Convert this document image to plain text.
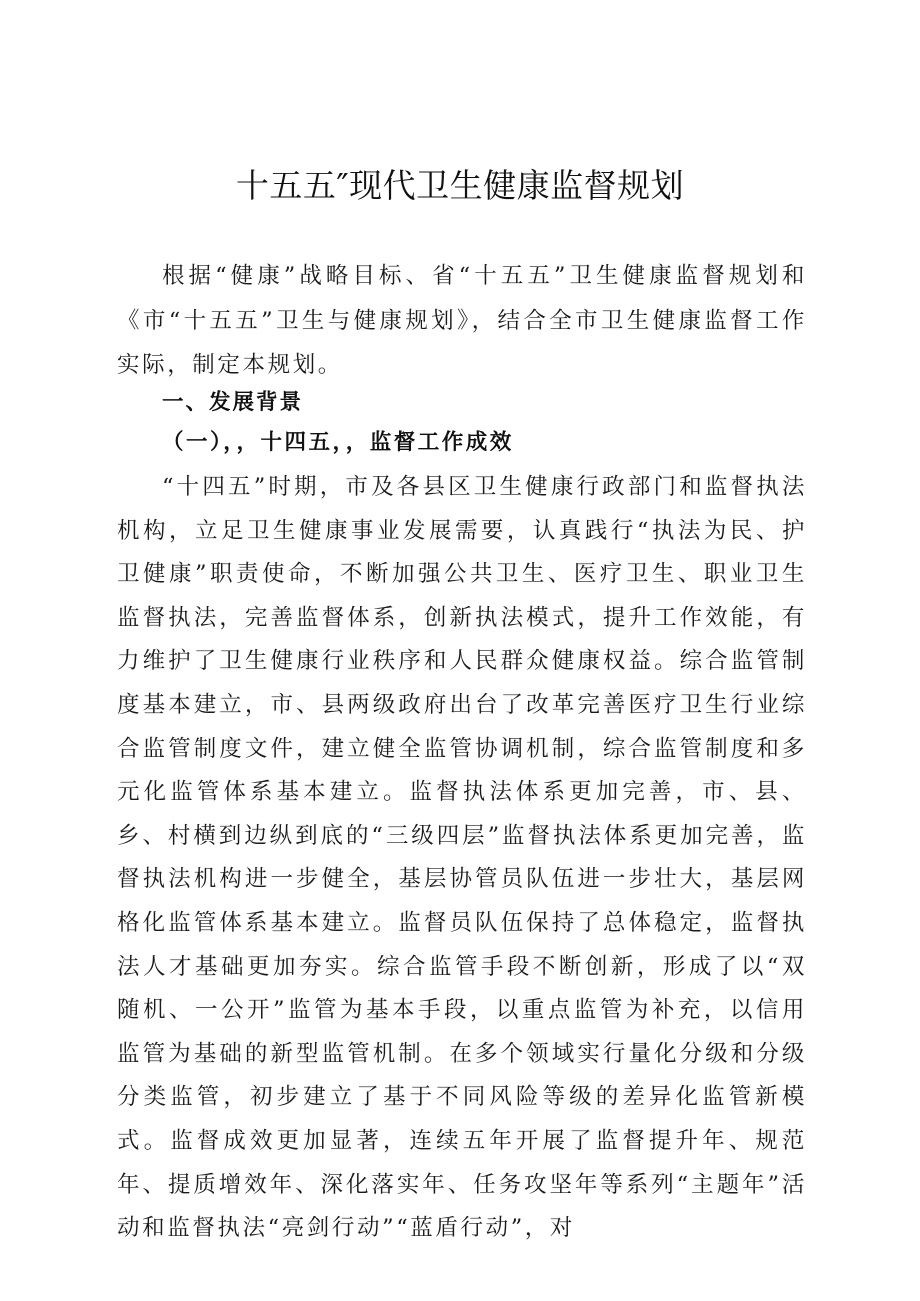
十五五″现代卫生健康监督规划

根据“健康”战略目标、省“十五五”卫生健康监督规划和《市“十五五”卫生与健康规划》，结合全市卫生健康监督工作实际，制定本规划。

一、发展背景
（一），，十四五，，监督工作成效

“十四五”时期，市及各县区卫生健康行政部门和监督执法机构，立足卫生健康事业发展需要，认真践行“执法为民、护卫健康”职责使命，不断加强公共卫生、医疗卫生、职业卫生监督执法，完善监督体系，创新执法模式，提升工作效能，有力维护了卫生健康行业秩序和人民群众健康权益。综合监管制度基本建立，市、县两级政府出台了改革完善医疗卫生行业综合监管制度文件，建立健全监管协调机制，综合监管制度和多元化监管体系基本建立。监督执法体系更加完善，市、县、乡、村横到边纵到底的“三级四层”监督执法体系更加完善，监督执法机构进一步健全，基层协管员队伍进一步壮大，基层网格化监管体系基本建立。监督员队伍保持了总体稳定，监督执法人才基础更加夯实。综合监管手段不断创新，形成了以“双随机、一公开”监管为基本手段，以重点监管为补充，以信用监管为基础的新型监管机制。在多个领域实行量化分级和分级分类监管，初步建立了基于不同风险等级的差异化监管新模式。监督成效更加显著，连续五年开展了监督提升年、规范年、提质增效年、深化落实年、任务攻坚年等系列“主题年”活动和监督执法“亮剑行动”“蓝盾行动”，对
